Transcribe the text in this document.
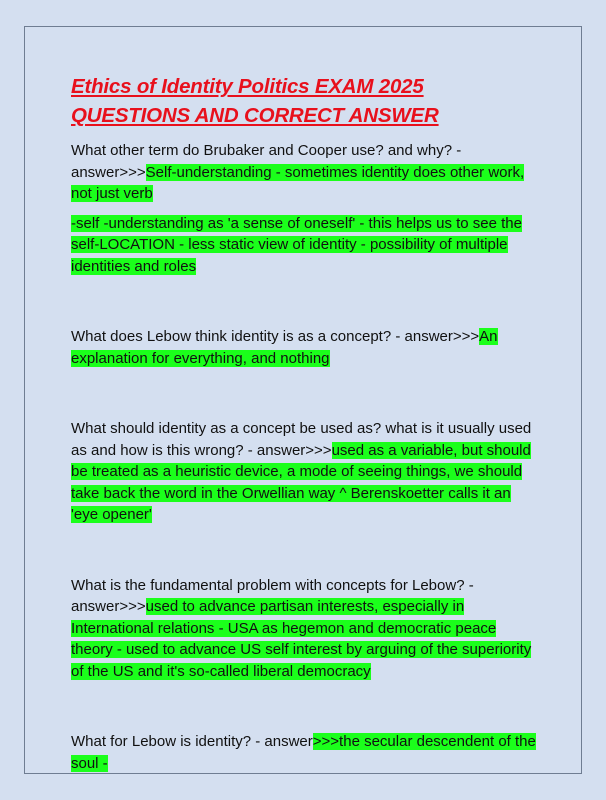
Ethics of Identity Politics EXAM 2025 QUESTIONS AND CORRECT ANSWER

What other term do Brubaker and Cooper use? and why? - answer>>>Self-understanding - sometimes identity does other work, not just verb

-self -understanding as 'a sense of oneself' - this helps us to see the self-LOCATION - less static view of identity - possibility of multiple identities and roles

What does Lebow think identity is as a concept? - answer>>>An explanation for everything, and nothing

What should identity as a concept be used as? what is it usually used as and how is this wrong? - answer>>>used as a variable, but should be treated as a heuristic device, a mode of seeing things, we should take back the word in the Orwellian way ^ Berenskoetter calls it an 'eye opener'

What is the fundamental problem with concepts for Lebow? - answer>>>used to advance partisan interests, especially in International relations - USA as hegemon and democratic peace theory - used to advance US self interest by arguing of the superiority of the US and it's so-called liberal democracy

What for Lebow is identity? - answer>>>the secular descendent of the soul -
